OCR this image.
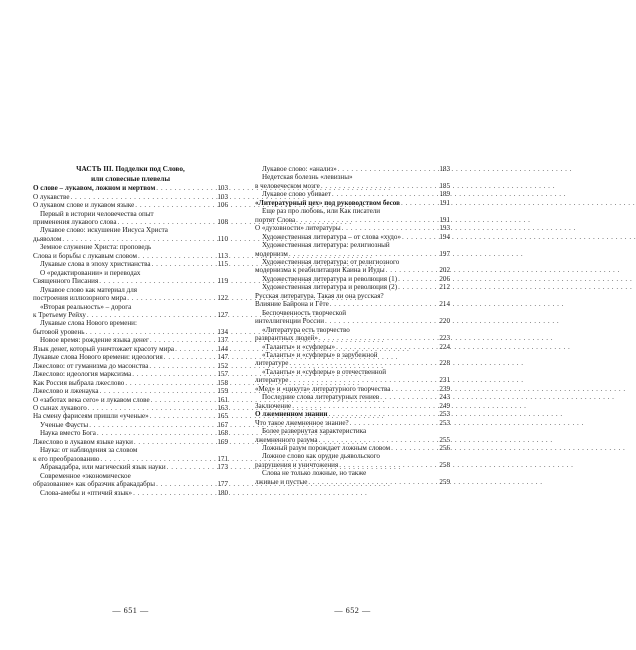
ЧАСТЬ III. Подделки под Слово,
или словесные плевелы
О слове – лукавом, ложном и мертвом . . .	103
О лукавстве . . .	103
О лукавом слове и лукавом языке . . .	106
Первый в истории человечества опыт
применения лукавого слова . . .	108
Лукавое слово: искушение Иисуса Христа
дьяволом . . .	110
Земное служение Христа: проповедь
Слова и борьбы с лукавым словом . . .	113
Лукавые слова в эпоху христианства . . .	115
О «редактировании» и переводах
Священного Писания . . .	119
Лукавое слово как материал для
построения иллюзорного мира . . .	122
«Вторая реальность» – дорога
к Третьему Рейху . . .	127
Лукавые слова Нового времени:
бытовой уровень . . .	134
Новое время: рождение языка денег . . .	137
Язык денег, который уничтожает красоту мира . . .	144
Лукавые слова Нового времени: идеология . . .	147
Лжеслово: от гуманизма до масонства . . .	152
Лжеслово: идеология марксизма . . .	157
Как Россия выбрала лжеслово . . .	158
Лжеслово и лженаука . . .	159
О «заботах века сего» и лукавом слове . . .	161
О сынах лукавого . . .	163
На смену фарисеям пришли «ученые» . . .	165
Ученые Фаусты . . .	167
Наука вместо Бога . . .	168
Лжеслово в лукавом языке науки . . .	169
Наука: от наблюдения за словом
к его преобразованию . . .	171
Абракадабра, или магический язык науки . . .	173
Современное «экономическое
образование» как образчик абракадабры . . .	177
Слова-амебы и «птичий язык» . . .	180
Лукавое слово: «анализ» . . .	183
Недетская болезнь «левизны»
в человеческом мозге . . .	185
Лукавое слово убивает . . .	189
«Литературный цех» под руководством бесов . . .	191
Еще раз про любовь, или Как писатели
портят Слова . . .	191
О «духовности» литературы . . .	193
Художественная литература – от слова «худо» . . .	194
Художественная литература: религиозный
модернизм . . .	197
Художественная литература: от религиозного
модернизма к реабилитации Каина и Иуды . . .	202
Художественная литература и революция (1) . . .	206
Художественная литература и революция (2) . . .	212
Русская литература. Такая ли она русская?
Влияние Байрона и Гёте . . .	214
Беспочвенность творческой
интеллигенции России . . .	220
«Литература есть творчество
разврантных людей» . . .	223
«Таланты» и «суфлеры» . . .	224
«Таланты» и «суфлеры» в зарубежной
литературе . . .	228
«Таланты» и «суфлеры» в отечественной
литературе . . .	231
«Мед» и «цикута» литературного творчества . . .	239
Последние слова литературных гениев . . .	243
Заключение . . .	249
О лжемненном знании . . .	253
Что такое лжемненное знание? . . .	253
Более развернутая характеристика
лжемненного разума . . .	255
Ложный разум порождает ложным словом . . .	256
Ложное слово как орудие дьявольского
разрушения и уничтожения . . .	258
Слова не только ложные, но также
лживые и пустые . . .	259
— 651 —	— 652 —
